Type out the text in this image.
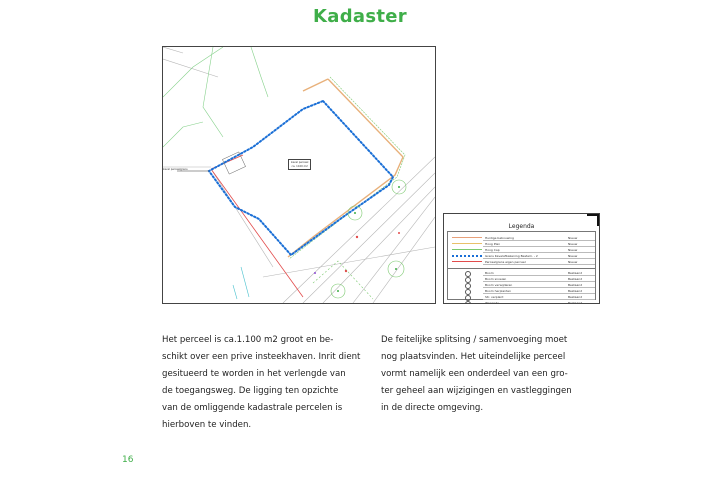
Kadaster
kavel perceel
ca. 1100 m2
kavel perceelgrens
Legenda
Huidige bebouwing	Nieuw
Hoog Plan	Nieuw
Hoog Cap	Nieuw
Grens Kavelafbakening Bestem. - 2	Nieuw
Perceelgrens eigen perceel	Nieuw
Boom	Bestaand
Boom snoeien	Bestaand
Boom verwijderen	Bestaand
Boom herplanten	Bestaand
Str. verplant	Bestaand
Wonende	Bestaand
Het perceel is ca.1.100 m2 groot en be-
schikt over een prive insteekhaven. Inrit dient
gesitueerd te worden in het verlengde van
de toegangsweg. De ligging ten opzichte
van de omliggende kadastrale percelen is
hierboven te vinden.
De feitelijke splitsing / samenvoeging moet
nog plaatsvinden. Het uiteindelijke perceel
vormt namelijk een onderdeel van een gro-
ter geheel aan wijzigingen en vastleggingen
in de directe omgeving.
16
